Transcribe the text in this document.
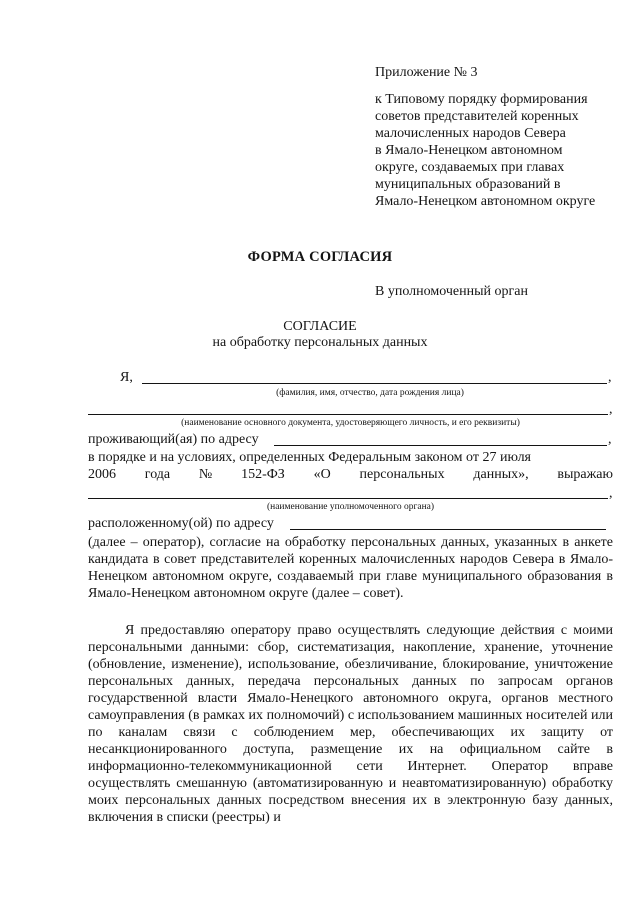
Приложение № 3
к Типовому порядку формирования
советов представителей коренных
малочисленных народов Севера
в Ямало-Ненецком автономном
округе, создаваемых при главах
муниципальных образований в
Ямало-Ненецком автономном округе
ФОРМА СОГЛАСИЯ
В уполномоченный орган
СОГЛАСИЕ
на обработку персональных данных
Я,	,
(фамилия, имя, отчество, дата рождения лица)
,
(наименование основного документа, удостоверяющего личность, и его реквизиты)
проживающий(ая) по адресу	,
в порядке и на условиях, определенных Федеральным законом от 27 июля
2006 года № 152-ФЗ «О персональных данных», выражаю
,
(наименование уполномоченного органа)
расположенному(ой) по адресу

(далее – оператор), согласие на обработку персональных данных, указанных в анкете кандидата в совет представителей коренных малочисленных народов Севера в Ямало-Ненецком автономном округе, создаваемый при главе муниципального образования в Ямало-Ненецком автономном округе (далее – совет).

Я предоставляю оператору право осуществлять следующие действия с моими персональными данными: сбор, систематизация, накопление, хранение, уточнение (обновление, изменение), использование, обезличивание, блокирование, уничтожение персональных данных, передача персональных данных по запросам органов государственной власти Ямало-Ненецкого автономного округа, органов местного самоуправления (в рамках их полномочий) с использованием машинных носителей или по каналам связи с соблюдением мер, обеспечивающих их защиту от несанкционированного доступа, размещение их на официальном сайте в информационно-телекоммуникационной сети Интернет. Оператор вправе осуществлять смешанную (автоматизированную и неавтоматизированную) обработку моих персональных данных посредством внесения их в электронную базу данных, включения в списки (реестры) и
